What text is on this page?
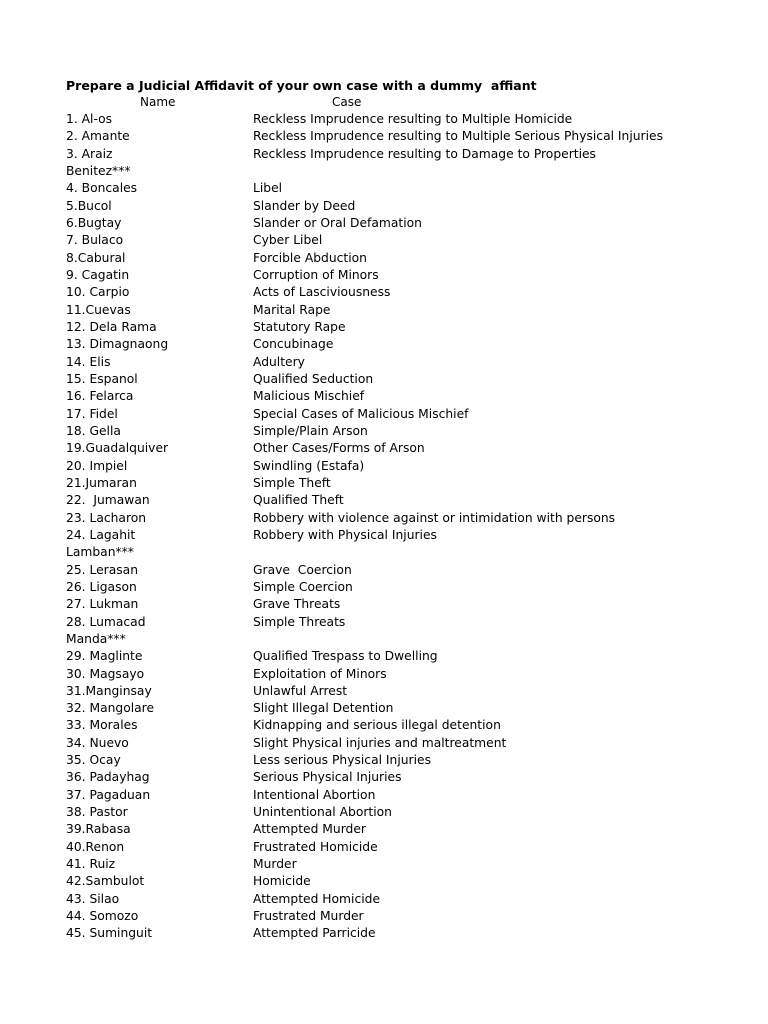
Prepare a Judicial Affidavit of your own case with a dummy  affiant
Name	Case
1. Al-os	Reckless Imprudence resulting to Multiple Homicide
2. Amante	Reckless Imprudence resulting to Multiple Serious Physical Injuries
3. Araiz	Reckless Imprudence resulting to Damage to Properties
Benitez***
4. Boncales	Libel
5.Bucol	Slander by Deed
6.Bugtay	Slander or Oral Defamation
7. Bulaco	Cyber Libel
8.Cabural	Forcible Abduction
9. Cagatin	Corruption of Minors
10. Carpio	Acts of Lasciviousness
11.Cuevas	Marital Rape
12. Dela Rama	Statutory Rape
13. Dimagnaong	Concubinage
14. Elis	Adultery
15. Espanol	Qualified Seduction
16. Felarca	Malicious Mischief
17. Fidel	Special Cases of Malicious Mischief
18. Gella	Simple/Plain Arson
19.Guadalquiver	Other Cases/Forms of Arson
20. Impiel	Swindling (Estafa)
21.Jumaran	Simple Theft
22.  Jumawan	Qualified Theft
23. Lacharon	Robbery with violence against or intimidation with persons
24. Lagahit	Robbery with Physical Injuries
Lamban***
25. Lerasan	Grave  Coercion
26. Ligason	Simple Coercion
27. Lukman	Grave Threats
28. Lumacad	Simple Threats
Manda***
29. Maglinte	Qualified Trespass to Dwelling
30. Magsayo	Exploitation of Minors
31.Manginsay	Unlawful Arrest
32. Mangolare	Slight Illegal Detention
33. Morales	Kidnapping and serious illegal detention
34. Nuevo	Slight Physical injuries and maltreatment
35. Ocay	Less serious Physical Injuries
36. Padayhag	Serious Physical Injuries
37. Pagaduan	Intentional Abortion
38. Pastor	Unintentional Abortion
39.Rabasa	Attempted Murder
40.Renon	Frustrated Homicide
41. Ruiz	Murder
42.Sambulot	Homicide
43. Silao	Attempted Homicide
44. Somozo	Frustrated Murder
45. Suminguit	Attempted Parricide
